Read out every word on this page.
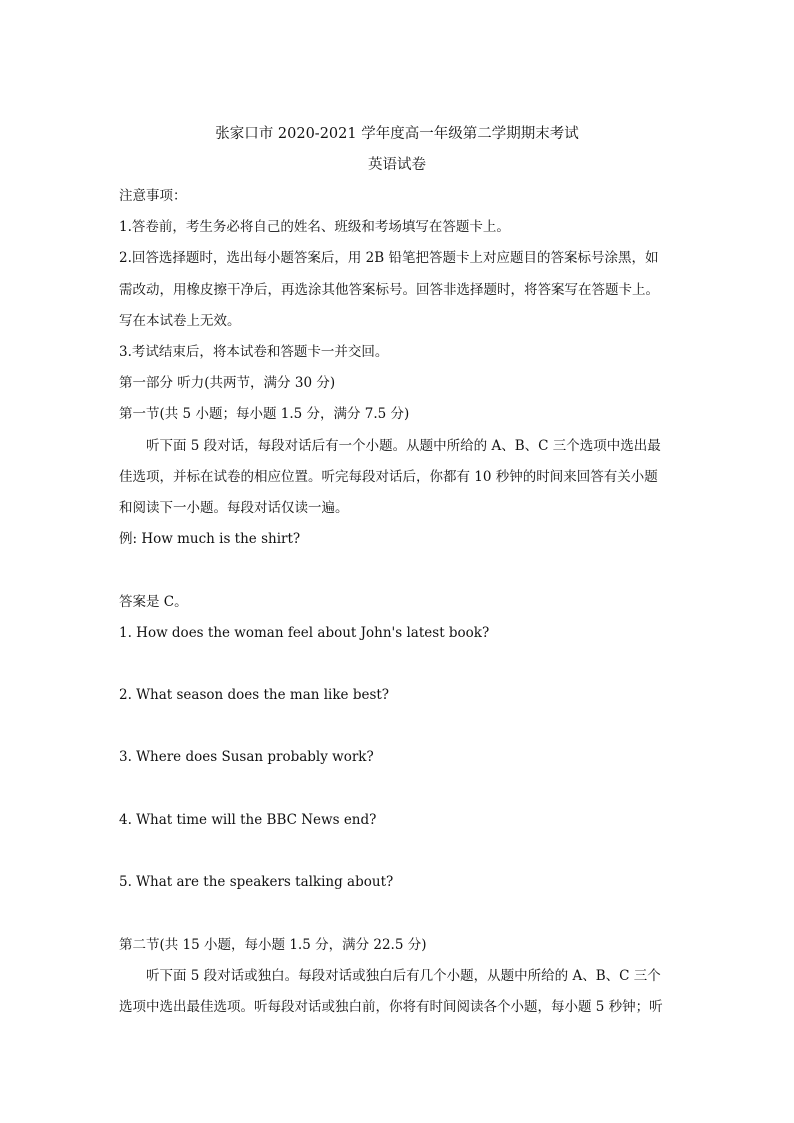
张家口市 2020-2021 学年度高一年级第二学期期末考试
英语试卷
注意事项：
1.答卷前，考生务必将自己的姓名、班级和考场填写在答题卡上。
2.回答选择题时，选出每小题答案后，用 2B 铅笔把答题卡上对应题目的答案标号涂黑，如
需改动，用橡皮擦干净后，再选涂其他答案标号。回答非选择题时，将答案写在答题卡上。
写在本试卷上无效。
3.考试结束后，将本试卷和答题卡一并交回。
第一部分 听力(共两节，满分 30 分)
第一节(共 5 小题；每小题 1.5 分，满分 7.5 分)
听下面 5 段对话，每段对话后有一个小题。从题中所给的 A、B、C 三个选项中选出最
佳选项，并标在试卷的相应位置。听完每段对话后，你都有 10 秒钟的时间来回答有关小题
和阅读下一小题。每段对话仅读一遍。
例: How much is the shirt?
答案是 C。
1. How does the woman feel about John's latest book?
2. What season does the man like best?
3. Where does Susan probably work?
4. What time will the BBC News end?
5. What are the speakers talking about?
第二节(共 15 小题，每小题 1.5 分，满分 22.5 分)
听下面 5 段对话或独白。每段对话或独白后有几个小题，从题中所给的 A、B、C 三个
选项中选出最佳选项。听每段对话或独白前，你将有时间阅读各个小题，每小题 5 秒钟；听
